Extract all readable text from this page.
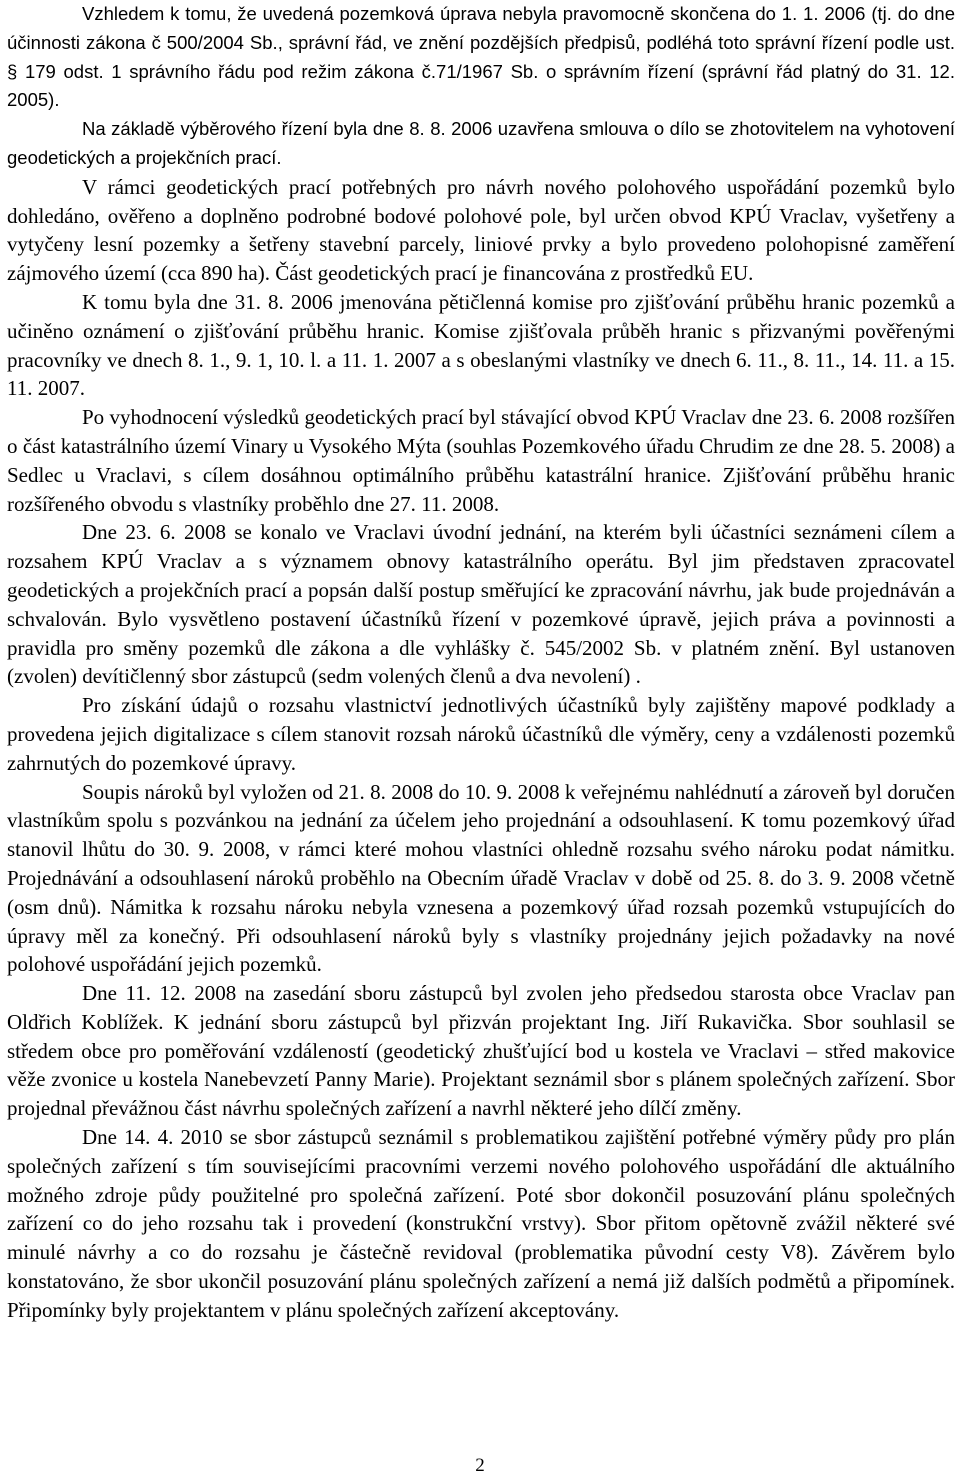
Vzhledem k tomu, že uvedená pozemková úprava nebyla pravomocně skončena do 1. 1. 2006 (tj. do dne účinnosti zákona č 500/2004 Sb., správní řád, ve znění pozdějších předpisů, podléhá toto správní řízení podle ust. § 179 odst. 1 správního řádu pod režim zákona č.71/1967 Sb. o správním řízení (správní řád platný do 31. 12. 2005).

Na základě výběrového řízení byla dne 8. 8. 2006 uzavřena smlouva o dílo se zhotovitelem na vyhotovení geodetických a projekčních prací.

V rámci geodetických prací potřebných pro návrh nového polohového uspořádání pozemků bylo dohledáno, ověřeno a doplněno podrobné bodové polohové pole, byl určen obvod KPÚ Vraclav, vyšetřeny a vytyčeny lesní pozemky a šetřeny stavební parcely, liniové prvky a bylo provedeno polohopisné zaměření zájmového území (cca 890 ha). Část geodetických prací je financována z prostředků EU.

K tomu byla dne 31. 8. 2006 jmenována pětičlenná komise pro zjišťování průběhu hranic pozemků a učiněno oznámení o zjišťování průběhu hranic. Komise zjišťovala průběh hranic s přizvanými pověřenými pracovníky ve dnech 8. 1., 9. 1, 10. l. a 11. 1. 2007 a s obeslanými vlastníky ve dnech 6. 11., 8. 11., 14. 11. a 15. 11. 2007.

Po vyhodnocení výsledků geodetických prací byl stávající obvod KPÚ Vraclav dne 23. 6. 2008 rozšířen o část katastrálního území Vinary u Vysokého Mýta (souhlas Pozemkového úřadu Chrudim ze dne 28. 5. 2008) a Sedlec u Vraclavi, s cílem dosáhnou optimálního průběhu katastrální hranice. Zjišťování průběhu hranic rozšířeného obvodu s vlastníky proběhlo dne 27. 11. 2008.

Dne 23. 6. 2008 se konalo ve Vraclavi úvodní jednání, na kterém byli účastníci seznámeni cílem a rozsahem KPÚ Vraclav a s významem obnovy katastrálního operátu. Byl jim představen zpracovatel geodetických a projekčních prací a popsán další postup směřující ke zpracování návrhu, jak bude projednáván a schvalován. Bylo vysvětleno postavení účastníků řízení v pozemkové úpravě, jejich práva a povinnosti a pravidla pro směny pozemků dle zákona a dle vyhlášky č. 545/2002 Sb. v platném znění. Byl ustanoven (zvolen) devítičlenný sbor zástupců (sedm volených členů a dva nevolení) .

Pro získání údajů o rozsahu vlastnictví jednotlivých účastníků byly zajištěny mapové podklady a provedena jejich digitalizace s cílem stanovit rozsah nároků účastníků dle výměry, ceny a vzdálenosti pozemků zahrnutých do pozemkové úpravy.

Soupis nároků byl vyložen od 21. 8. 2008 do 10. 9. 2008 k veřejnému nahlédnutí a zároveň byl doručen vlastníkům spolu s pozvánkou na jednání za účelem jeho projednání a odsouhlasení. K tomu pozemkový úřad stanovil lhůtu do 30. 9. 2008, v rámci které mohou vlastníci ohledně rozsahu svého nároku podat námitku. Projednávání a odsouhlasení nároků proběhlo na Obecním úřadě Vraclav v době od 25. 8. do 3. 9. 2008 včetně (osm dnů). Námitka k rozsahu nároku nebyla vznesena a pozemkový úřad rozsah pozemků vstupujících do úpravy měl za konečný. Při odsouhlasení nároků byly s vlastníky projednány jejich požadavky na nové polohové uspořádání jejich pozemků.

Dne 11. 12. 2008 na zasedání sboru zástupců byl zvolen jeho předsedou starosta obce Vraclav pan Oldřich Koblížek. K jednání sboru zástupců byl přizván projektant Ing. Jiří Rukavička. Sbor souhlasil se středem obce pro poměřování vzdáleností (geodetický zhušťující bod u kostela ve Vraclavi – střed makovice věže zvonice u kostela Nanebevzetí Panny Marie). Projektant seznámil sbor s plánem společných zařízení. Sbor projednal převážnou část návrhu společných zařízení a navrhl některé jeho dílčí změny.

Dne 14. 4. 2010 se sbor zástupců seznámil s problematikou zajištění potřebné výměry půdy pro plán společných zařízení s tím souvisejícími pracovními verzemi nového polohového uspořádání dle aktuálního možného zdroje půdy použitelné pro společná zařízení. Poté sbor dokončil posuzování plánu společných zařízení co do jeho rozsahu tak i provedení (konstrukční vrstvy). Sbor přitom opětovně zvážil některé své minulé návrhy a co do rozsahu je částečně revidoval (problematika původní cesty V8). Závěrem bylo konstatováno, že sbor ukončil posuzování plánu společných zařízení a nemá již dalších podmětů a připomínek. Připomínky byly projektantem v plánu společných zařízení akceptovány.

2
